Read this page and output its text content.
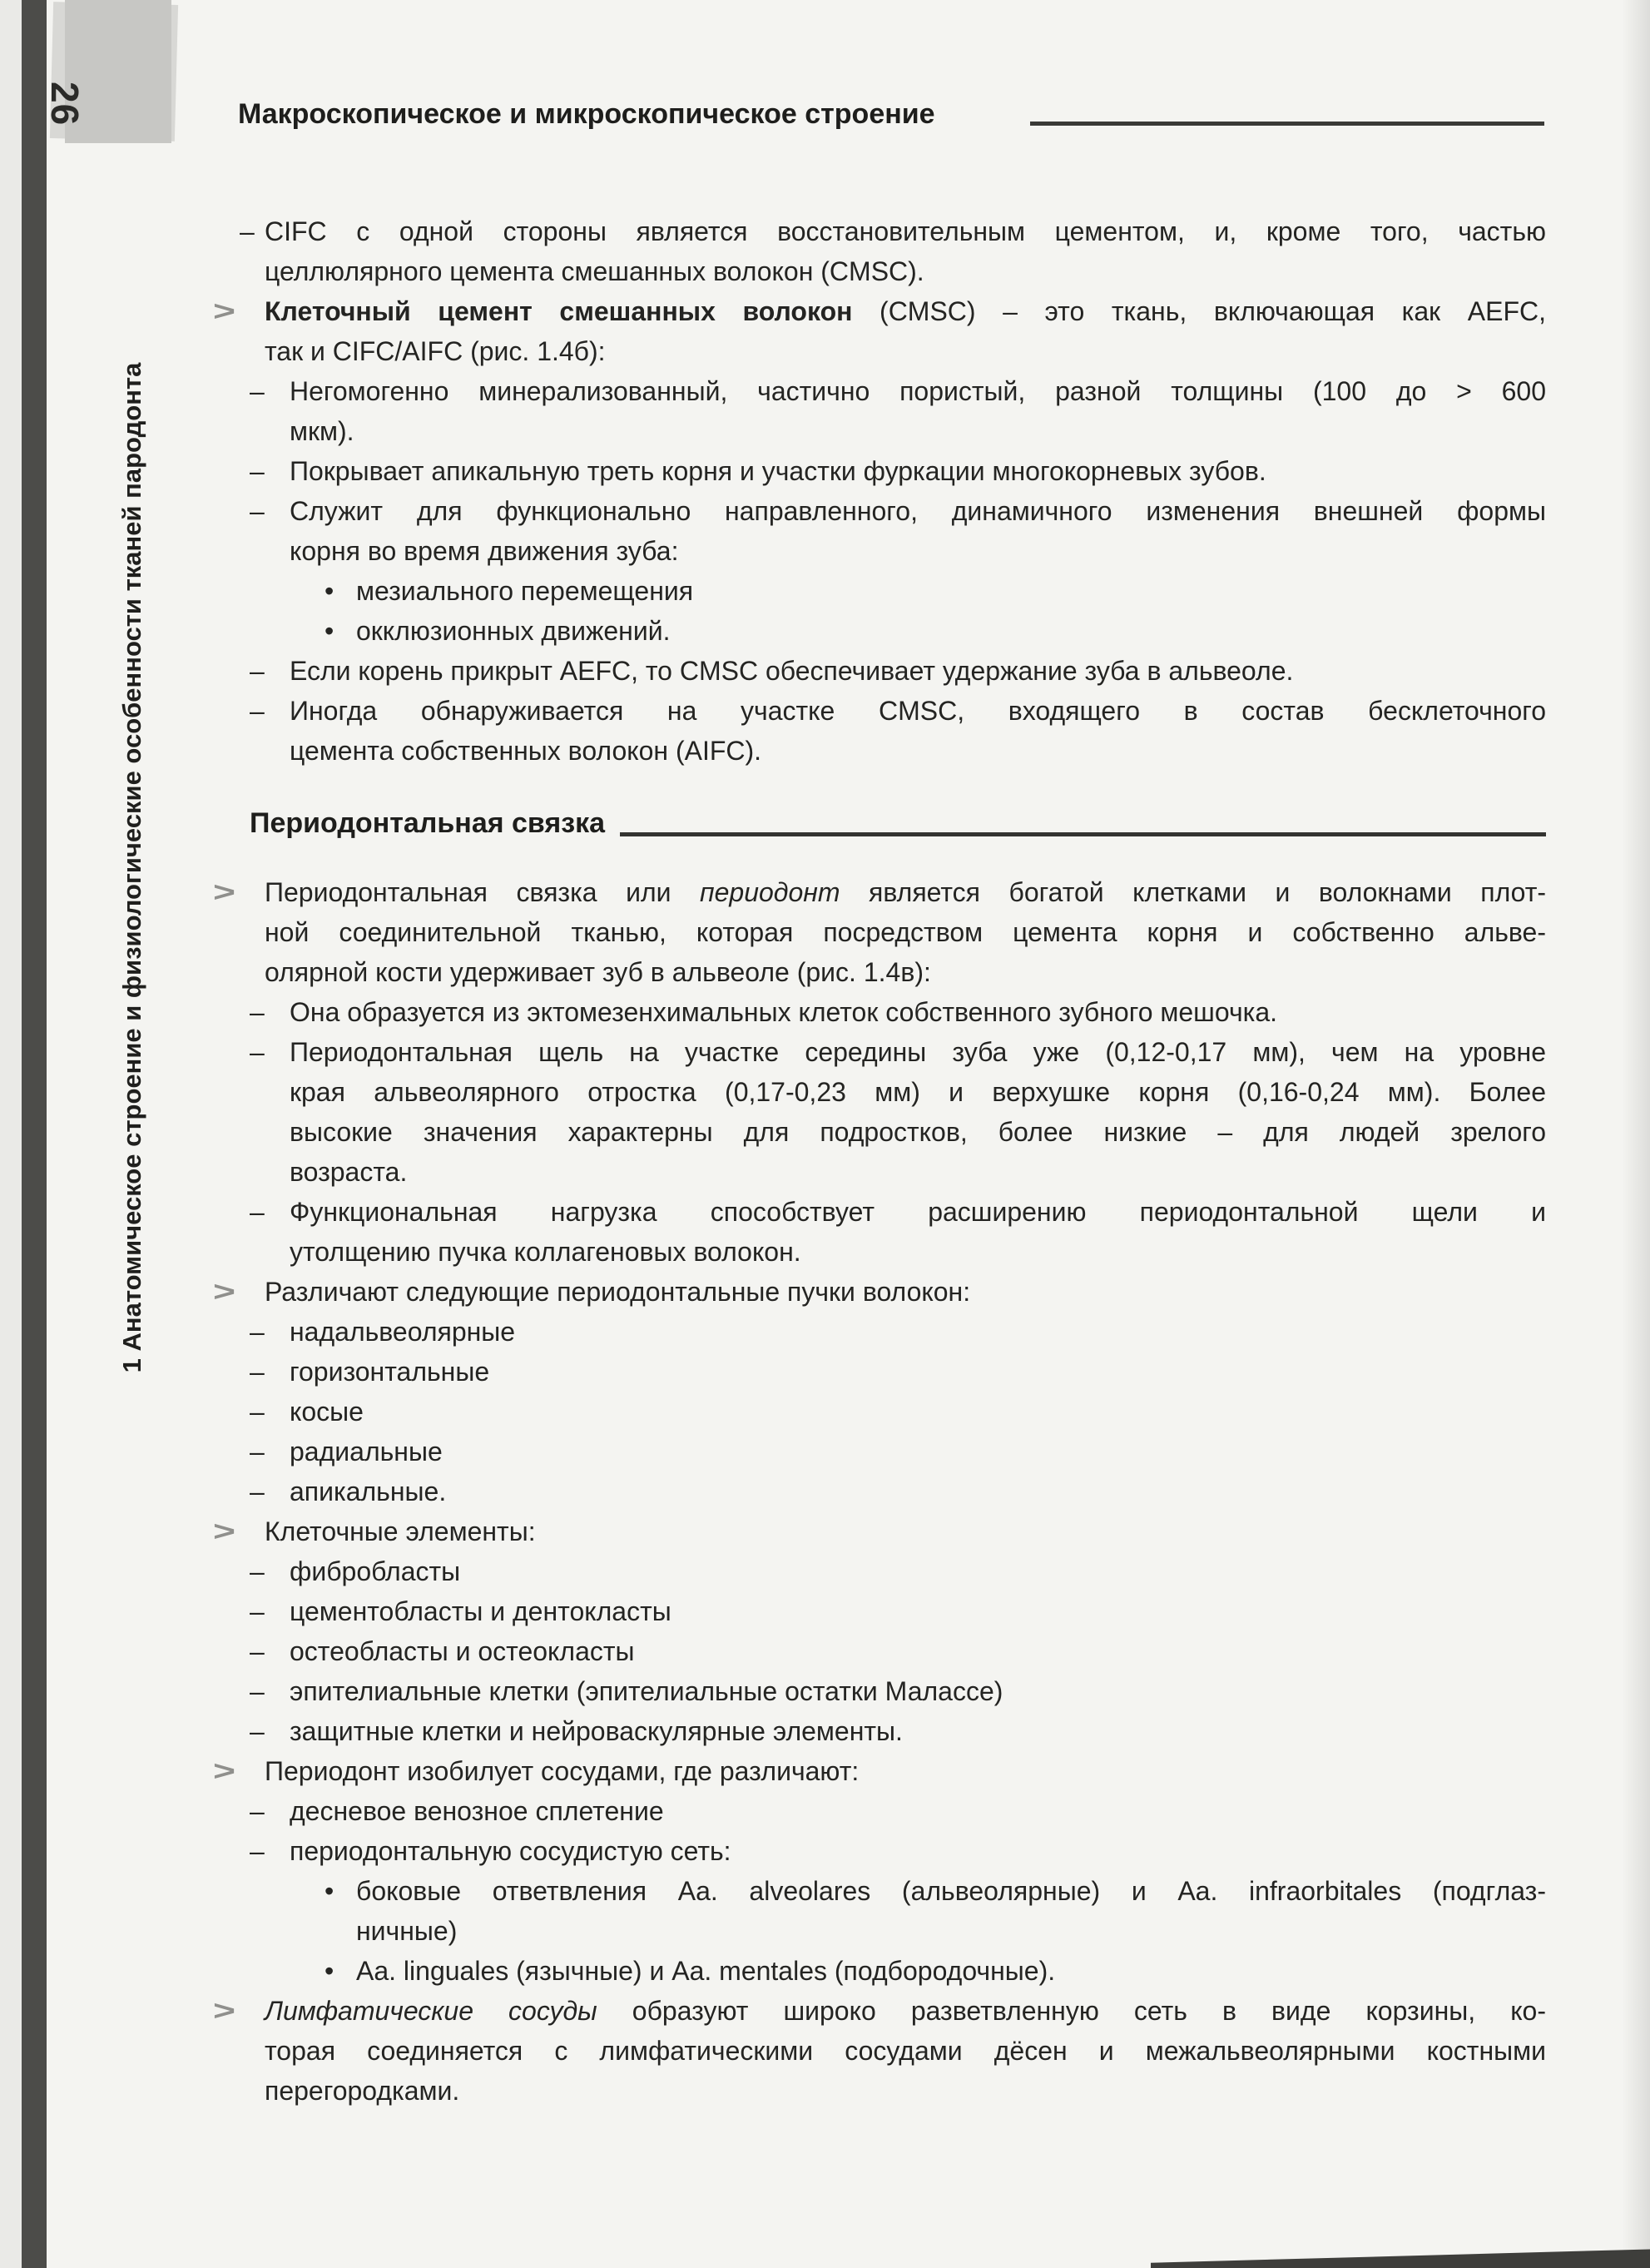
26	Макроскопическое и микроскопическое строение
1 Анатомическое строение и физиологические особенности тканей пародонта
– CIFC с одной стороны является восстановительным цементом, и, кроме того, частью
целлюлярного цемента смешанных волокон (CMSC).
> Клеточный цемент смешанных волокон (CMSC) – это ткань, включающая как AEFC,
так и CIFC/AIFC (рис. 1.4б):
– Негомогенно минерализованный, частично пористый, разной толщины (100 до > 600
мкм).
– Покрывает апикальную треть корня и участки фуркации многокорневых зубов.
– Служит для функционально направленного, динамичного изменения внешней формы
корня во время движения зуба:
• мезиального перемещения
• окклюзионных движений.
– Если корень прикрыт AEFC, то CMSC обеспечивает удержание зуба в альвеоле.
– Иногда обнаруживается на участке CMSC, входящего в состав бесклеточного
цемента собственных волокон (AIFC).
Периодонтальная связка
> Периодонтальная связка или периодонт является богатой клетками и волокнами плот-
ной соединительной тканью, которая посредством цемента корня и собственно альве-
олярной кости удерживает зуб в альвеоле (рис. 1.4в):
– Она образуется из эктомезенхимальных клеток собственного зубного мешочка.
– Периодонтальная щель на участке середины зуба уже (0,12-0,17 мм), чем на уровне
края альвеолярного отростка (0,17-0,23 мм) и верхушке корня (0,16-0,24 мм). Более
высокие значения характерны для подростков, более низкие – для людей зрелого
возраста.
– Функциональная нагрузка способствует расширению периодонтальной щели и
утолщению пучка коллагеновых волокон.
> Различают следующие периодонтальные пучки волокон:
– надальвеолярные
– горизонтальные
– косые
– радиальные
– апикальные.
> Клеточные элементы:
– фибробласты
– цементобласты и дентокласты
– остеобласты и остеокласты
– эпителиальные клетки (эпителиальные остатки Малассе)
– защитные клетки и нейроваскулярные элементы.
> Периодонт изобилует сосудами, где различают:
– десневое венозное сплетение
– периодонтальную сосудистую сеть:
• боковые ответвления Aa. alveolares (альвеолярные) и Aa. infraorbitales (подглаз-
ничные)
• Aa. linguales (язычные) и Aa. mentales (подбородочные).
> Лимфатические сосуды образуют широко разветвленную сеть в виде корзины, ко-
торая соединяется с лимфатическими сосудами дёсен и межальвеолярными костными
перегородками.
